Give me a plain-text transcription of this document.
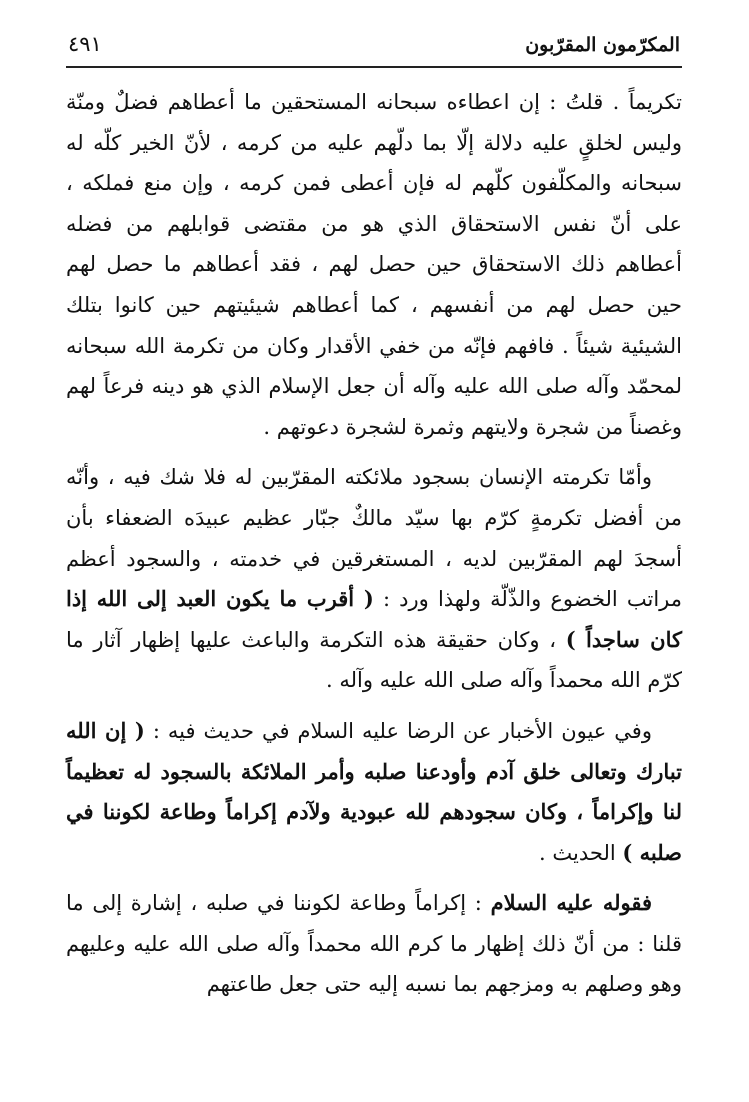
المكرّمون المقرّبون
٤٩١

تكريماً . قلتُ : إن اعطاءه سبحانه المستحقين ما أعطاهم فضلٌ ومنّة وليس لخلقٍ عليه دلالة إلّا بما دلّهم عليه من كرمه ، لأنّ الخير كلّه له سبحانه والمكلّفون كلّهم له فإن أعطى فمن كرمه ، وإن منع فملكه ، على أنّ نفس الاستحقاق الذي هو من مقتضى قوابلهم من فضله أعطاهم ذلك الاستحقاق حين حصل لهم ، فقد أعطاهم ما حصل لهم حين حصل لهم من أنفسهم ، كما أعطاهم شيئيتهم حين كانوا بتلك الشيئية شيئاً . فافهم فإنّه من خفي الأقدار وكان من تكرمة الله سبحانه لمحمّد وآله صلى الله عليه وآله أن جعل الإسلام الذي هو دينه فرعاً لهم وغصناً من شجرة ولايتهم وثمرة لشجرة دعوتهم .

وأمّا تكرمته الإنسان بسجود ملائكته المقرّبين له فلا شك فيه ، وأنّه من أفضل تكرمةٍ كرّم بها سيّد مالكٌ جبّار عظيم عبيدَه الضعفاء بأن أسجدَ لهم المقرّبين لديه ، المستغرقين في خدمته ، والسجود أعظم مراتب الخضوع والذّلّة ولهذا ورد : ( أقرب ما يكون العبد إلى الله إذا كان ساجداً ) ، وكان حقيقة هذه التكرمة والباعث عليها إظهار آثار ما كرّم الله محمداً وآله صلى الله عليه وآله .

وفي عيون الأخبار عن الرضا عليه السلام في حديث فيه : ( إن الله تبارك وتعالى خلق آدم وأودعنا صلبه وأمر الملائكة بالسجود له تعظيماً لنا وإكراماً ، وكان سجودهم لله عبودية ولآدم إكراماً وطاعة لكوننا في صلبه ) الحديث .

فقوله عليه السلام : إكراماً وطاعة لكوننا في صلبه ، إشارة إلى ما قلنا : من أنّ ذلك إظهار ما كرم الله محمداً وآله صلى الله عليه وعليهم وهو وصلهم به ومزجهم بما نسبه إليه حتى جعل طاعتهم
